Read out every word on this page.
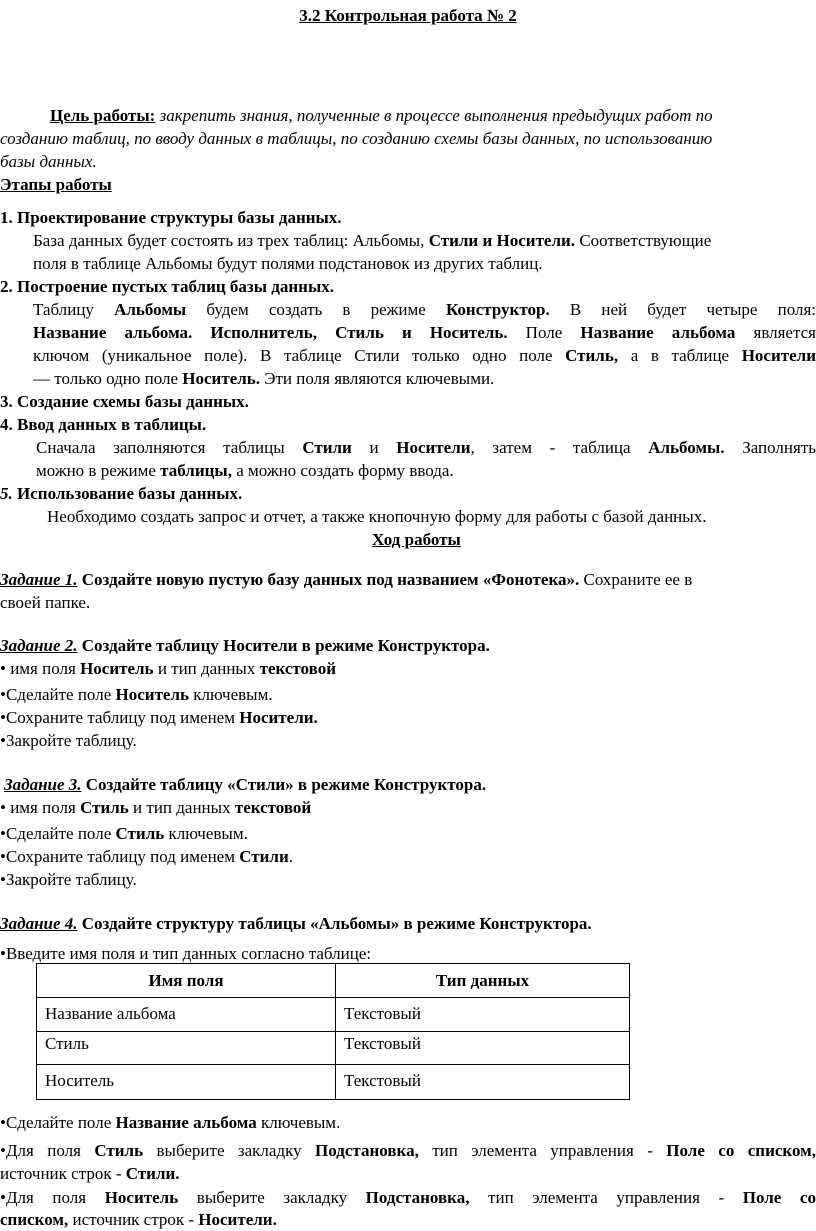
3.2 Контрольная работа № 2
Цель работы: закрепить знания, полученные в процессе выполнения предыдущих работ по
созданию таблиц, по вводу данных в таблицы, по созданию схемы базы данных, по использованию
базы данных.
Этапы работы
1. Проектирование структуры базы данных.
База данных будет состоять из трех таблиц: Альбомы, Стили и Носители. Соответствующие
поля в таблице Альбомы будут полями подстановок из других таблиц.
2. Построение пустых таблиц базы данных.
Таблицу Альбомы будем создать в режиме Конструктор. В ней будет четыре поля:
Название альбома. Исполнитель, Стиль и Носитель. Поле Название альбома является
ключом (уникальное поле). В таблице Стили только одно поле Стиль, а в таблице Носители
— только одно поле Носитель. Эти поля являются ключевыми.
3. Создание схемы базы данных.
4. Ввод данных в таблицы.
Сначала заполняются таблицы Стили и Носители, затем - таблица Альбомы. Заполнять
можно в режиме таблицы, а можно создать форму ввода.
5. Использование базы данных.
Необходимо создать запрос и отчет, а также кнопочную форму для работы с базой данных.
Ход работы
Задание 1. Создайте новую пустую базу данных под названием «Фонотека». Сохраните ее в
своей папке.
Задание 2. Создайте таблицу Носители в режиме Конструктора.
• имя поля Носитель и тип данных текстовой
•Сделайте поле Носитель ключевым.
•Сохраните таблицу под именем Носители.
•Закройте таблицу.
Задание 3. Создайте таблицу «Стили» в режиме Конструктора.
• имя поля Стиль и тип данных текстовой
•Сделайте поле Стиль ключевым.
•Сохраните таблицу под именем Стили.
•Закройте таблицу.
Задание 4. Создайте структуру таблицы «Альбомы» в режиме Конструктора.
•Введите имя поля и тип данных согласно таблице:
Имя поля	Тип данных
Название альбома	Текстовый
Стиль	Текстовый
Носитель	Текстовый
•Сделайте поле Название альбома ключевым.
•Для поля Стиль выберите закладку Подстановка, тип элемента управления - Поле со списком,
источник строк - Стили.
•Для поля Носитель выберите закладку Подстановка, тип элемента управления - Поле со
списком, источник строк - Носители.
